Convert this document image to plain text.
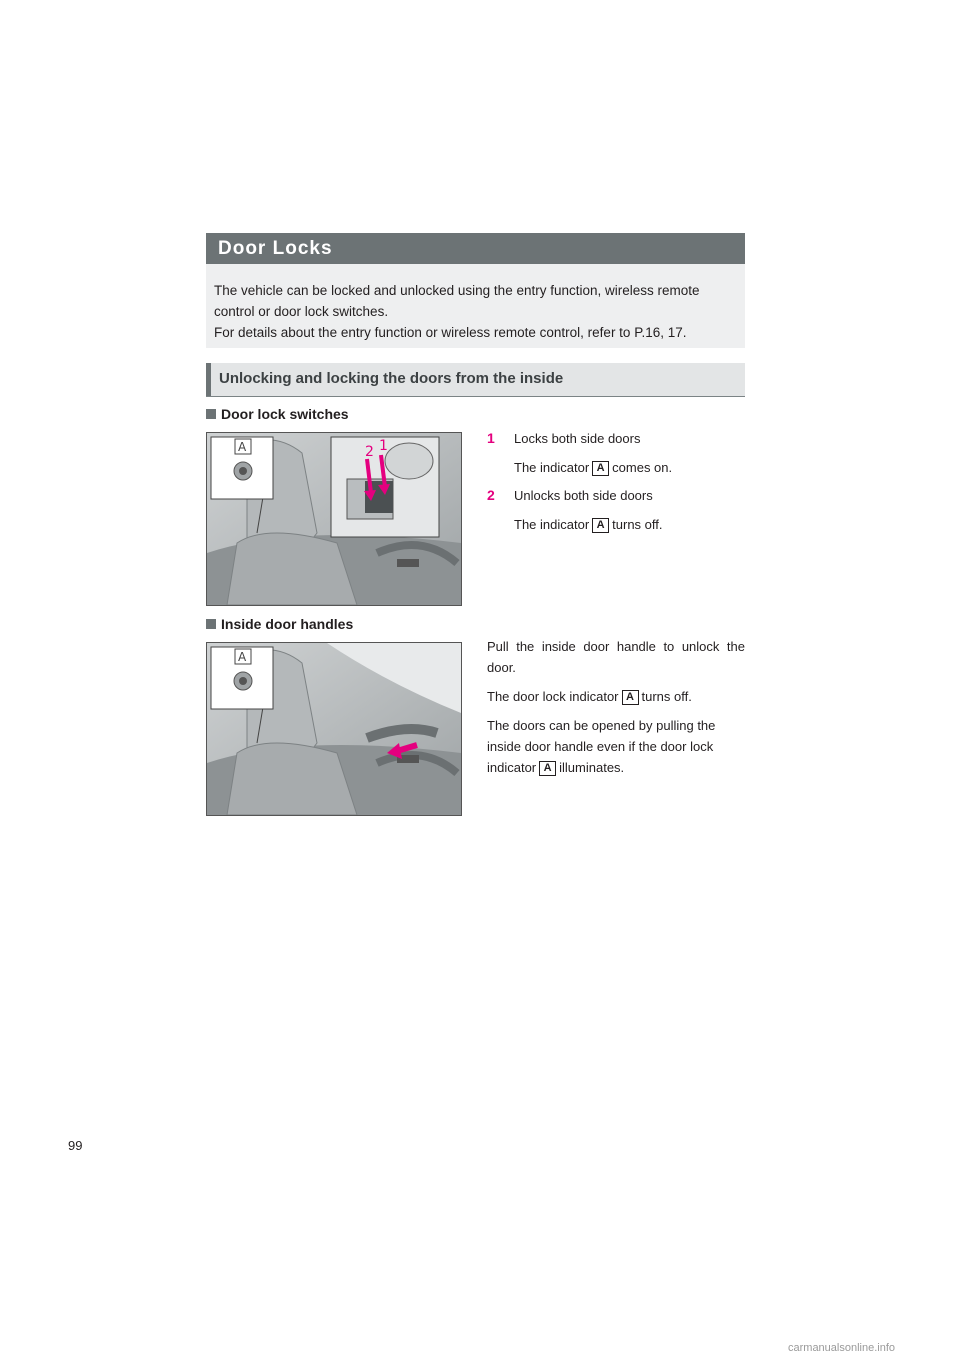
Door Locks

The vehicle can be locked and unlocked using the entry function, wireless remote control or door lock switches.

For details about the entry function or wireless remote control, refer to P.16, 17.

Unlocking and locking the doors from the inside
Door lock switches
A	2 1	1 Locks both side doors
The indicator A comes on.
2 Unlocks both side doors
The indicator A turns off.
Inside door handles
A

Pull the inside door handle to unlock the door.

The door lock indicator A turns off.

The doors can be opened by pulling the inside door handle even if the door lock indicator A illuminates.

99
carmanualsonline.info
